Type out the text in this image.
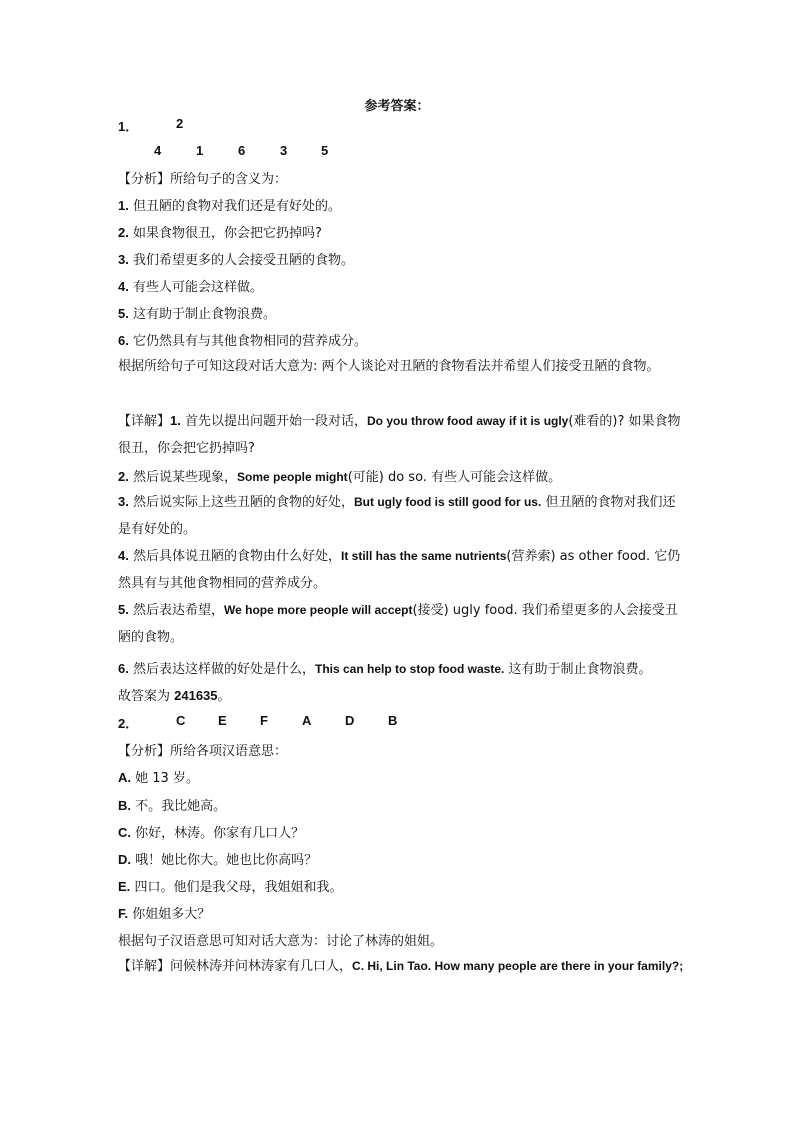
参考答案：
1．	2
4	1	6	3	5
【分析】所给句子的含义为：
1. 但丑陋的食物对我们还是有好处的。
2. 如果食物很丑，你会把它扔掉吗?
3. 我们希望更多的人会接受丑陋的食物。
4. 有些人可能会这样做。
5. 这有助于制止食物浪费。
6. 它仍然具有与其他食物相同的营养成分。
根据所给句子可知这段对话大意为: 两个人谈论对丑陋的食物看法并希望人们接受丑陋的食物。
【详解】1. 首先以提出问题开始一段对话，Do you throw food away if it is ugly(难看的)? 如果食物很丑，你会把它扔掉吗?
2. 然后说某些现象，Some people might(可能) do so. 有些人可能会这样做。
3. 然后说实际上这些丑陋的食物的好处，But ugly food is still good for us. 但丑陋的食物对我们还是有好处的。
4. 然后具体说丑陋的食物由什么好处，It still has the same nutrients(营养索) as other food. 它仍然具有与其他食物相同的营养成分。
5. 然后表达希望，We hope more people will accept(接受) ugly food. 我们希望更多的人会接受丑陋的食物。
6. 然后表达这样做的好处是什么，This can help to stop food waste. 这有助于制止食物浪费。
故答案为 241635。
2．	C	E	F	A	D	B
【分析】所给各项汉语意思：
A. 她 13 岁。
B. 不。我比她高。
C. 你好，林涛。你家有几口人？
D. 哦！她比你大。她也比你高吗？
E. 四口。他们是我父母，我姐姐和我。
F. 你姐姐多大？
根据句子汉语意思可知对话大意为：讨论了林涛的姐姐。
【详解】问候林涛并问林涛家有几口人，C. Hi, Lin Tao. How many people are there in your family?;
